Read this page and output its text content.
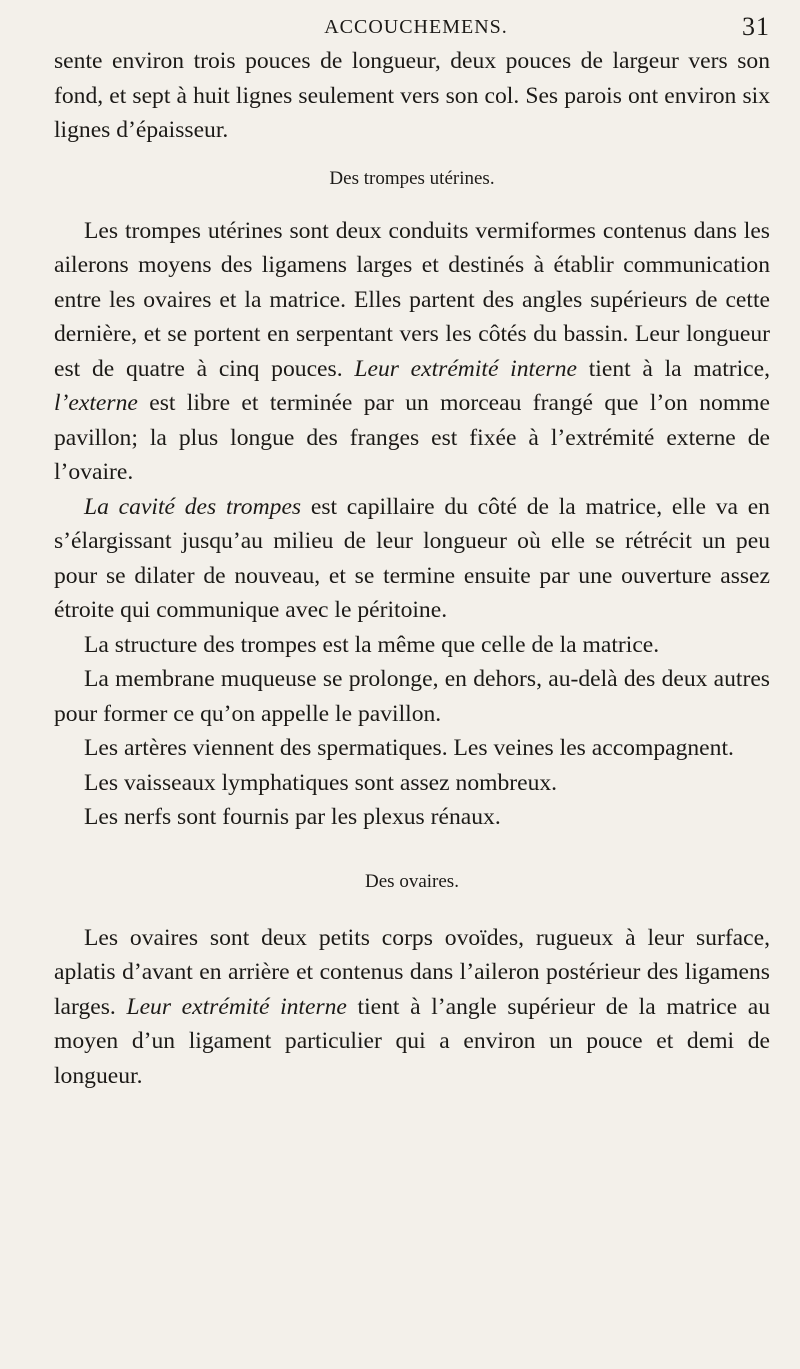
ACCOUCHEMENS.	31

sente environ trois pouces de longueur, deux pouces de largeur vers son fond, et sept à huit lignes seulement vers son col. Ses parois ont environ six lignes d’épaisseur.

Des trompes utérines.

Les trompes utérines sont deux conduits vermiformes contenus dans les ailerons moyens des ligamens larges et destinés à établir communication entre les ovaires et la matrice. Elles partent des angles supérieurs de cette dernière, et se portent en serpentant vers les côtés du bassin. Leur longueur est de quatre à cinq pouces. Leur extrémité interne tient à la matrice, l’externe est libre et terminée par un morceau frangé que l’on nomme pavillon; la plus longue des franges est fixée à l’extrémité externe de l’ovaire.

La cavité des trompes est capillaire du côté de la matrice, elle va en s’élargissant jusqu’au milieu de leur longueur où elle se rétrécit un peu pour se dilater de nouveau, et se termine ensuite par une ouverture assez étroite qui communique avec le péritoine.

La structure des trompes est la même que celle de la matrice.

La membrane muqueuse se prolonge, en dehors, au-delà des deux autres pour former ce qu’on appelle le pavillon.

Les artères viennent des spermatiques. Les veines les accompagnent.

Les vaisseaux lymphatiques sont assez nombreux.

Les nerfs sont fournis par les plexus rénaux.

Des ovaires.

Les ovaires sont deux petits corps ovoïdes, rugueux à leur surface, aplatis d’avant en arrière et contenus dans l’aileron postérieur des ligamens larges. Leur extrémité interne tient à l’angle supérieur de la matrice au moyen d’un ligament particulier qui a environ un pouce et demi de longueur.
